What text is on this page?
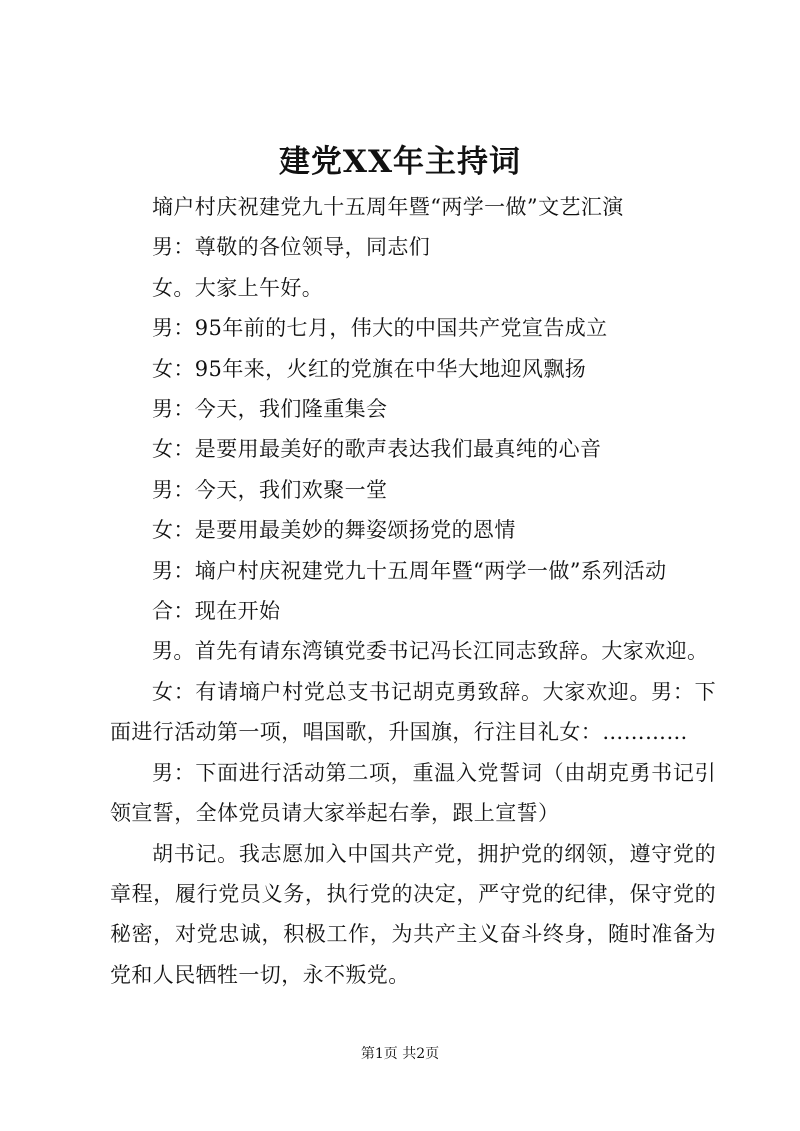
建党XX年主持词

墒户村庆祝建党九十五周年暨“两学一做”文艺汇演

男：尊敬的各位领导，同志们

女。大家上午好。

男：95年前的七月，伟大的中国共产党宣告成立

女：95年来，火红的党旗在中华大地迎风飘扬

男：今天，我们隆重集会

女：是要用最美好的歌声表达我们最真纯的心音

男：今天，我们欢聚一堂

女：是要用最美妙的舞姿颂扬党的恩情

男：墒户村庆祝建党九十五周年暨“两学一做”系列活动

合：现在开始

男。首先有请东湾镇党委书记冯长江同志致辞。大家欢迎。

女：有请墒户村党总支书记胡克勇致辞。大家欢迎。男：下面进行活动第一项，唱国歌，升国旗，行注目礼女：…………

男：下面进行活动第二项，重温入党誓词（由胡克勇书记引领宣誓，全体党员请大家举起右拳，跟上宣誓）

胡书记。我志愿加入中国共产党，拥护党的纲领，遵守党的章程，履行党员义务，执行党的决定，严守党的纪律，保守党的秘密，对党忠诚，积极工作，为共产主义奋斗终身，随时准备为党和人民牺牲一切，永不叛党。

第1页 共2页
